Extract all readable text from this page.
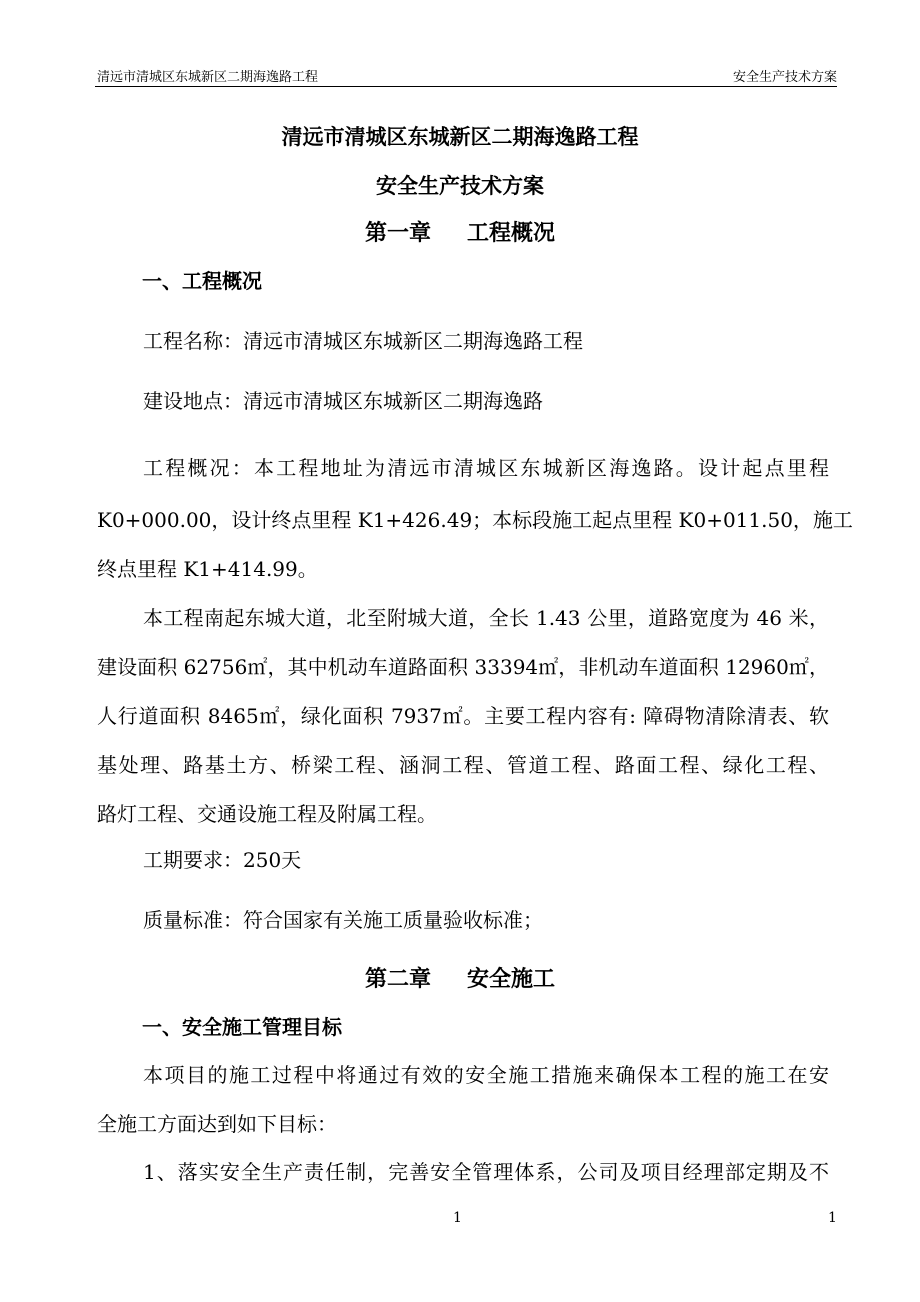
清远市清城区东城新区二期海逸路工程	安全生产技术方案
清远市清城区东城新区二期海逸路工程
安全生产技术方案
第一章 工程概况
一、工程概况
工程名称：清远市清城区东城新区二期海逸路工程
建设地点：清远市清城区东城新区二期海逸路
工程概况：本工程地址为清远市清城区东城新区海逸路。设计起点里程
K0+000.00，设计终点里程 K1+426.49；本标段施工起点里程 K0+011.50，施工
终点里程 K1+414.99。
本工程南起东城大道，北至附城大道，全长 1.43 公里，道路宽度为 46 米，
建设面积 62756㎡，其中机动车道路面积 33394㎡，非机动车道面积 12960㎡，
人行道面积 8465㎡，绿化面积 7937㎡。主要工程内容有: 障碍物清除清表、软
基处理、路基土方、桥梁工程、涵洞工程、管道工程、路面工程、绿化工程、
路灯工程、交通设施工程及附属工程。
工期要求：250天
质量标准：符合国家有关施工质量验收标准；
第二章 安全施工
一、安全施工管理目标
本项目的施工过程中将通过有效的安全施工措施来确保本工程的施工在安
全施工方面达到如下目标：
1、落实安全生产责任制，完善安全管理体系，公司及项目经理部定期及不
1	1
